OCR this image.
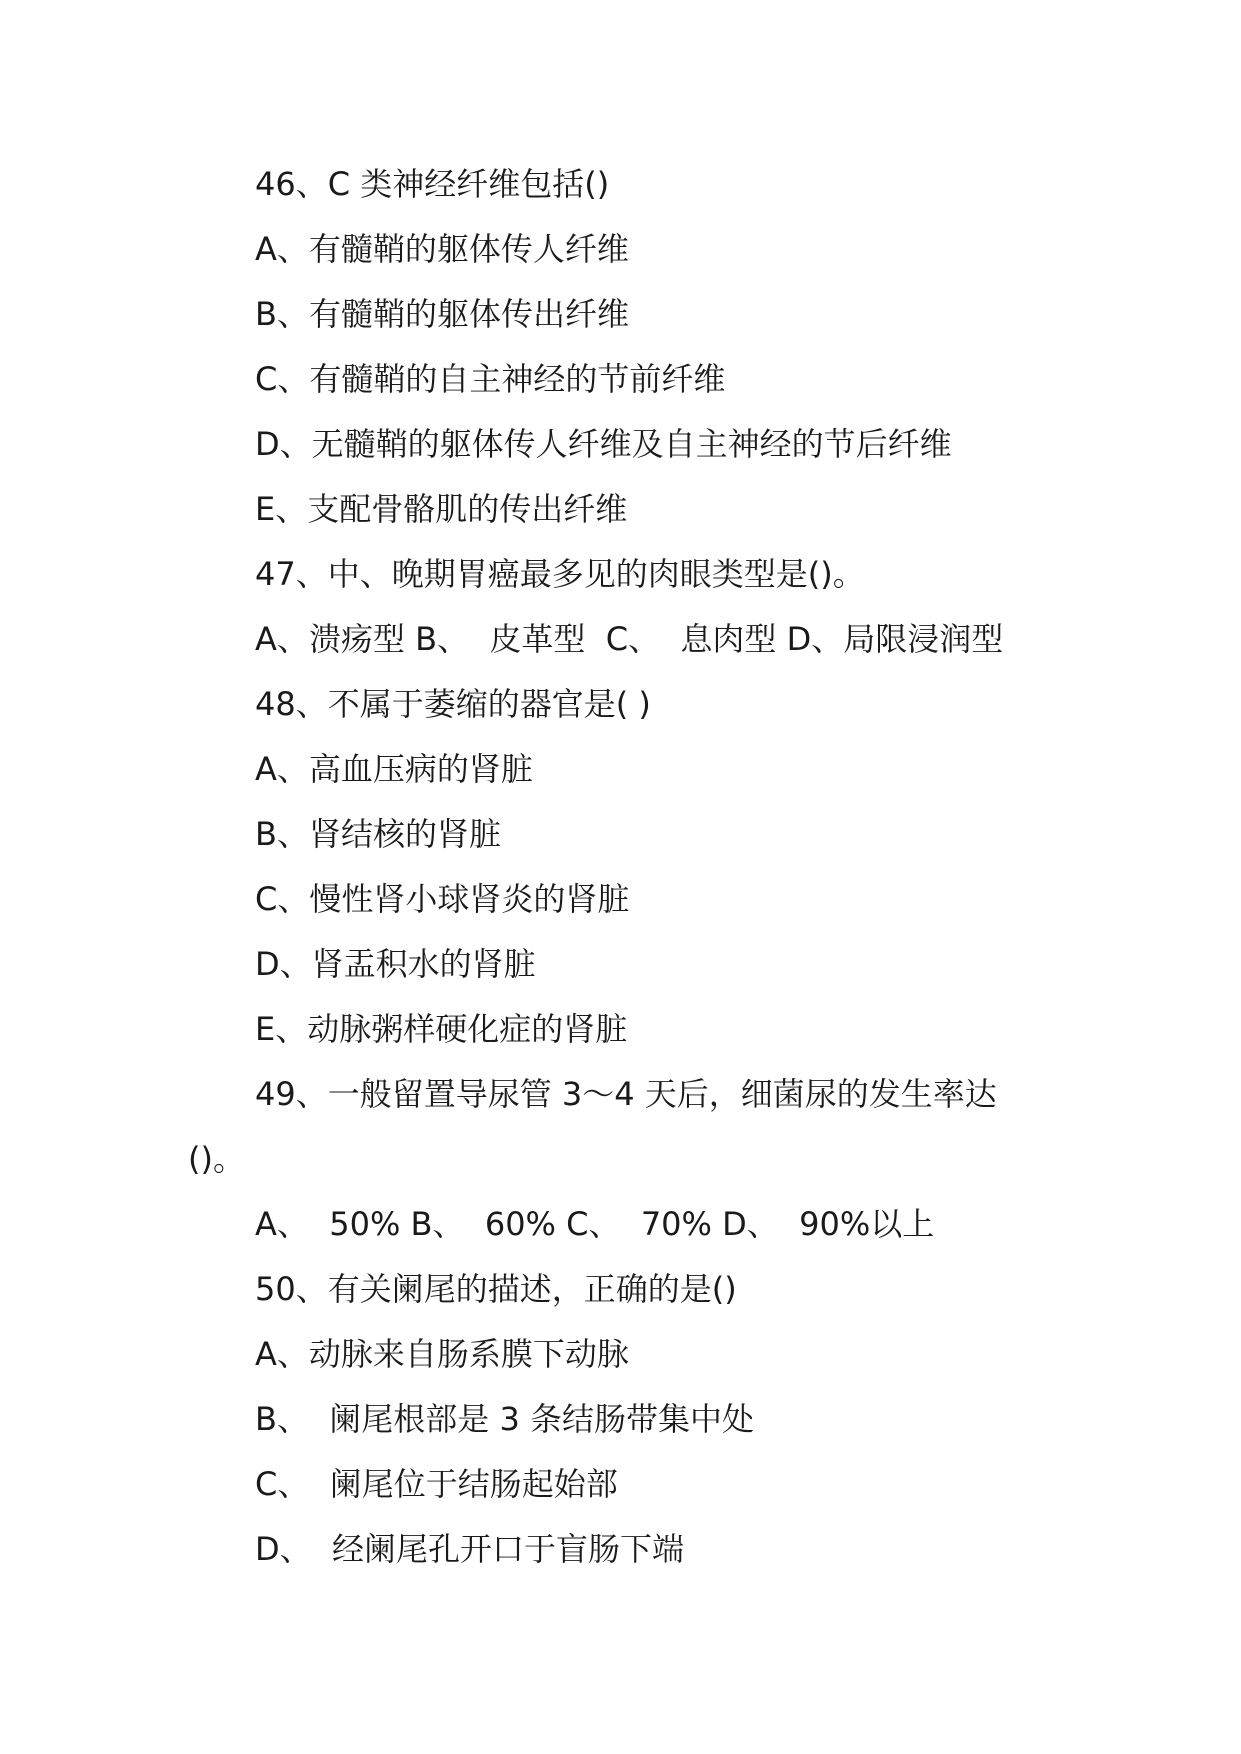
46、C 类神经纤维包括()
A、有髓鞘的躯体传人纤维
B、有髓鞘的躯体传出纤维
C、有髓鞘的自主神经的节前纤维
D、无髓鞘的躯体传人纤维及自主神经的节后纤维
E、支配骨骼肌的传出纤维
47、中、晚期胃癌最多见的肉眼类型是()。
A、溃疡型 B、  皮革型  C、  息肉型 D、局限浸润型
48、不属于萎缩的器官是( )
A、高血压病的肾脏
B、肾结核的肾脏
C、慢性肾小球肾炎的肾脏
D、肾盂积水的肾脏
E、动脉粥样硬化症的肾脏
49、一般留置导尿管 3～4 天后，细菌尿的发生率达
()。
A、  50% B、  60% C、  70% D、  90%以上
50、有关阑尾的描述，正确的是()
A、动脉来自肠系膜下动脉
B、  阑尾根部是 3 条结肠带集中处
C、  阑尾位于结肠起始部
D、  经阑尾孔开口于盲肠下端
